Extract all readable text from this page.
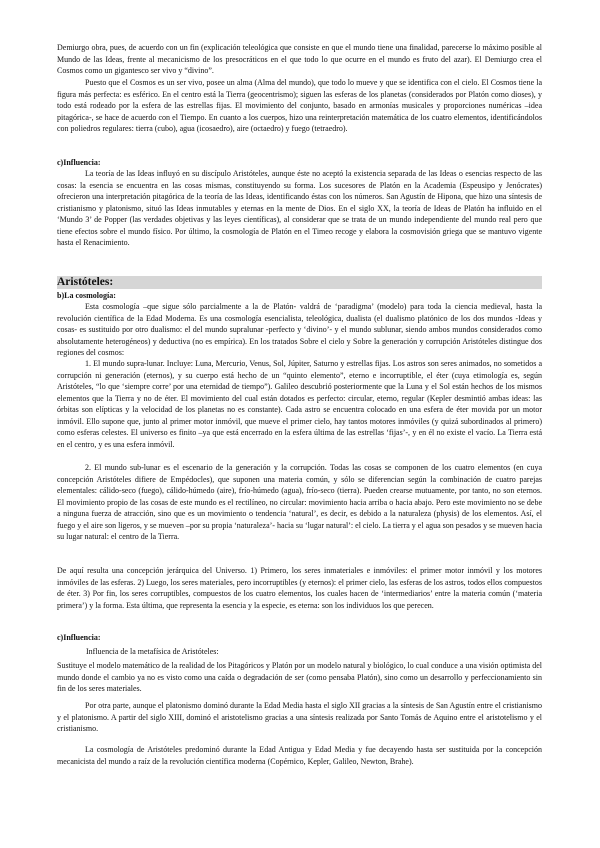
Demiurgo obra, pues, de acuerdo con un fin (explicación teleológica que consiste en que el mundo tiene una finalidad, parecerse lo máximo posible al Mundo de las Ideas, frente al mecanicismo de los presocráticos en el que todo lo que ocurre en el mundo es fruto del azar). El Demiurgo crea el Cosmos como un gigantesco ser vivo y “divino”.

Puesto que el Cosmos es un ser vivo, posee un alma (Alma del mundo), que todo lo mueve y que se identifica con el cielo. El Cosmos tiene la figura más perfecta: es esférico. En el centro está la Tierra (geocentrismo); siguen las esferas de los planetas (considerados por Platón como dioses), y todo está rodeado por la esfera de las estrellas fijas. El movimiento del conjunto, basado en armonías musicales y proporciones numéricas –idea pitagórica-, se hace de acuerdo con el Tiempo. En cuanto a los cuerpos, hizo una reinterpretación matemática de los cuatro elementos, identificándolos con poliedros regulares: tierra (cubo), agua (icosaedro), aire (octaedro) y fuego (tetraedro).

c)Influencia:

La teoría de las Ideas influyó en su discípulo Aristóteles, aunque éste no aceptó la existencia separada de las Ideas o esencias respecto de las cosas: la esencia se encuentra en las cosas mismas, constituyendo su forma. Los sucesores de Platón en la Academia (Espeusipo y Jenócrates) ofrecieron una interpretación pitagórica de la teoría de las Ideas, identificando éstas con los números. San Agustín de Hipona, que hizo una síntesis de cristianismo y platonismo, situó las Ideas inmutables y eternas en la mente de Dios. En el siglo XX, la teoría de Ideas de Platón ha influido en el ‘Mundo 3’ de Popper (las verdades objetivas y las leyes científicas), al considerar que se trata de un mundo independiente del mundo real pero que tiene efectos sobre el mundo físico. Por último, la cosmología de Platón en el Timeo recoge y elabora la cosmovisión griega que se mantuvo vigente hasta el Renacimiento.

Aristóteles:

b)La cosmología:

Esta cosmología –que sigue sólo parcialmente a la de Platón- valdrá de ‘paradigma’ (modelo) para toda la ciencia medieval, hasta la revolución científica de la Edad Moderna. Es una cosmología esencialista, teleológica, dualista (el dualismo platónico de los dos mundos -Ideas y cosas- es sustituido por otro dualismo: el del mundo supralunar -perfecto y ‘divino’- y el mundo sublunar, siendo ambos mundos considerados como absolutamente heterogéneos) y deductiva (no es empírica). En los tratados Sobre el cielo y Sobre la generación y corrupción Aristóteles distingue dos regiones del cosmos:

1. El mundo supra-lunar. Incluye: Luna, Mercurio, Venus, Sol, Júpiter, Saturno y estrellas fijas. Los astros son seres animados, no sometidos a corrupción ni generación (eternos), y su cuerpo está hecho de un “quinto elemento”, eterno e incorruptible, el éter (cuya etimología es, según Aristóteles, “lo que ‘siempre corre’ por una eternidad de tiempo”). Galileo descubrió posteriormente que la Luna y el Sol están hechos de los mismos elementos que la Tierra y no de éter. El movimiento del cual están dotados es perfecto: circular, eterno, regular (Kepler desmintió ambas ideas: las órbitas son elípticas y la velocidad de los planetas no es constante). Cada astro se encuentra colocado en una esfera de éter movida por un motor inmóvil. Ello supone que, junto al primer motor inmóvil, que mueve el primer cielo, hay tantos motores inmóviles (y quizá subordinados al primero) como esferas celestes. El universo es finito –ya que está encerrado en la esfera última de las estrellas ‘fijas’-, y en él no existe el vacío. La Tierra está en el centro, y es una esfera inmóvil.

2. El mundo sub-lunar es el escenario de la generación y la corrupción. Todas las cosas se componen de los cuatro elementos (en cuya concepción Aristóteles difiere de Empédocles), que suponen una materia común, y sólo se diferencian según la combinación de cuatro parejas elementales: cálido-seco (fuego), cálido-húmedo (aire), frío-húmedo (agua), frío-seco (tierra). Pueden crearse mutuamente, por tanto, no son eternos. El movimiento propio de las cosas de este mundo es el rectilíneo, no circular: movimiento hacia arriba o hacia abajo. Pero este movimiento no se debe a ninguna fuerza de atracción, sino que es un movimiento o tendencia ‘natural’, es decir, es debido a la naturaleza (physis) de los elementos. Así, el fuego y el aire son ligeros, y se mueven –por su propia ‘naturaleza’- hacia su ‘lugar natural’: el cielo. La tierra y el agua son pesados y se mueven hacia su lugar natural: el centro de la Tierra.

De aquí resulta una concepción jerárquica del Universo. 1) Primero, los seres inmateriales e inmóviles: el primer motor inmóvil y los motores inmóviles de las esferas. 2) Luego, los seres materiales, pero incorruptibles (y eternos): el primer cielo, las esferas de los astros, todos ellos compuestos de éter. 3) Por fin, los seres corruptibles, compuestos de los cuatro elementos, los cuales hacen de ‘intermediarios’ entre la materia común (‘materia primera’) y la forma. Esta última, que representa la esencia y la especie, es eterna: son los individuos los que perecen.

c)Influencia:

Influencia de la metafísica de Aristóteles:

Sustituye el modelo matemático de la realidad de los Pitagóricos y Platón por un modelo natural y biológico, lo cual conduce a una visión optimista del mundo donde el cambio ya no es visto como una caída o degradación de ser (como pensaba Platón), sino como un desarrollo y perfeccionamiento sin fin de los seres materiales.

Por otra parte, aunque el platonismo dominó durante la Edad Media hasta el siglo XII gracias a la síntesis de San Agustín entre el cristianismo y el platonismo. A partir del siglo XIII, dominó el aristotelismo gracias a una síntesis realizada por Santo Tomás de Aquino entre el aristotelismo y el cristianismo.

La cosmología de Aristóteles predominó durante la Edad Antigua y Edad Media y fue decayendo hasta ser sustituida por la concepción mecanicista del mundo a raíz de la revolución científica moderna (Copérnico, Kepler, Galileo, Newton, Brahe).
